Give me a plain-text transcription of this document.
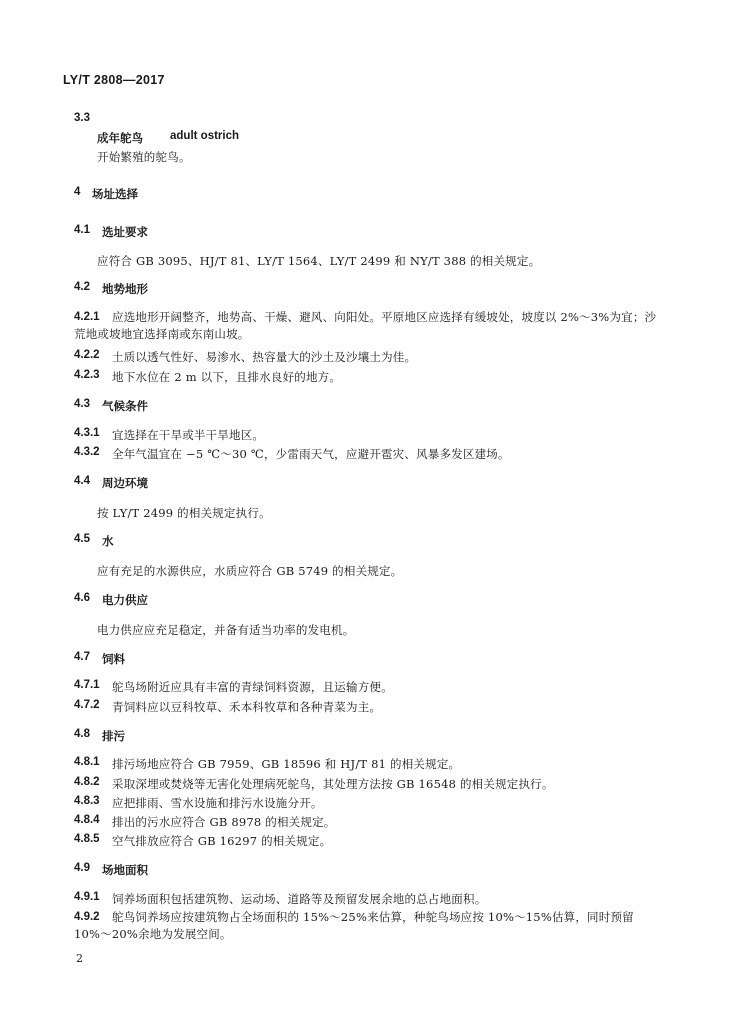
LY/T 2808—2017
3.3
成年鸵鸟 adult ostrich
开始繁殖的鸵鸟。
4 场址选择
4.1 选址要求
应符合 GB 3095、HJ/T 81、LY/T 1564、LY/T 2499 和 NY/T 388 的相关规定。
4.2 地势地形
4.2.1	应选地形开阔整齐，地势高、干燥、避风、向阳处。平原地区应选择有缓坡处，坡度以 2%～3%为宜；沙荒地或坡地宜选择南或东南山坡。
4.2.2 土质以透气性好、易渗水、热容量大的沙土及沙壤土为佳。
4.2.3 地下水位在 2 m 以下，且排水良好的地方。
4.3 气候条件
4.3.1 宜选择在干旱或半干旱地区。
4.3.2 全年气温宜在 −5 ℃～30 ℃，少雷雨天气，应避开雹灾、风暴多发区建场。
4.4 周边环境
按 LY/T 2499 的相关规定执行。
4.5 水
应有充足的水源供应，水质应符合 GB 5749 的相关规定。
4.6 电力供应
电力供应应充足稳定，并备有适当功率的发电机。
4.7 饲料
4.7.1 鸵鸟场附近应具有丰富的青绿饲料资源，且运输方便。
4.7.2 青饲料应以豆科牧草、禾本科牧草和各种青菜为主。
4.8 排污
4.8.1 排污场地应符合 GB 7959、GB 18596 和 HJ/T 81 的相关规定。
4.8.2 采取深埋或焚烧等无害化处理病死鸵鸟，其处理方法按 GB 16548 的相关规定执行。
4.8.3 应把排雨、雪水设施和排污水设施分开。
4.8.4 排出的污水应符合 GB 8978 的相关规定。
4.8.5 空气排放应符合 GB 16297 的相关规定。
4.9 场地面积
4.9.1 饲养场面积包括建筑物、运动场、道路等及预留发展余地的总占地面积。
4.9.2	鸵鸟饲养场应按建筑物占全场面积的 15%～25%来估算，种鸵鸟场应按 10%～15%估算，同时预留 10%～20%余地为发展空间。
2
